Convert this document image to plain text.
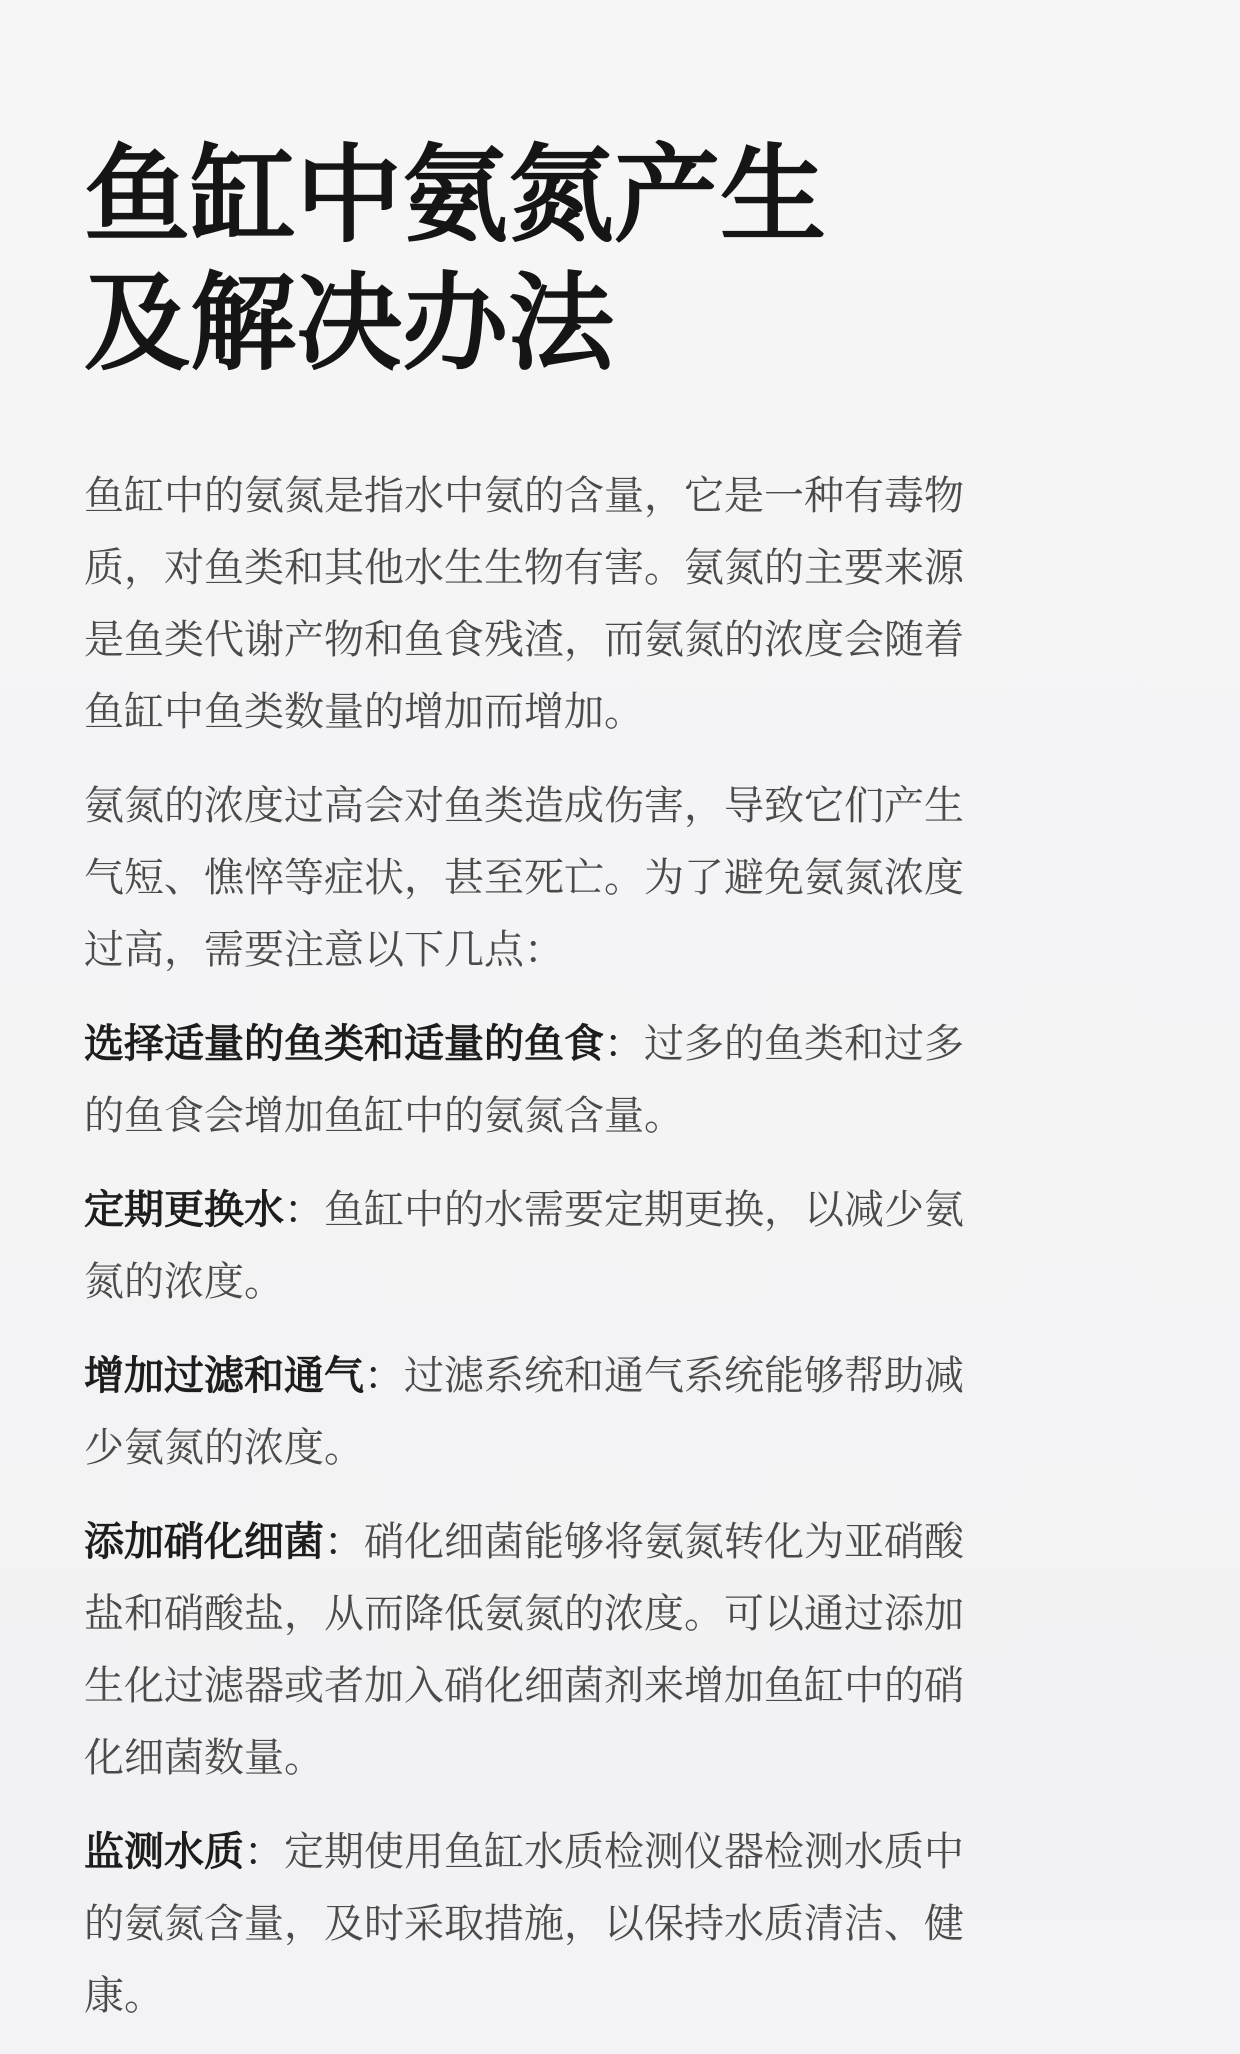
鱼缸中氨氮产生
及解决办法

鱼缸中的氨氮是指水中氨的含量，它是一种有毒物质，对鱼类和其他水生生物有害。氨氮的主要来源是鱼类代谢产物和鱼食残渣，而氨氮的浓度会随着鱼缸中鱼类数量的增加而增加。

氨氮的浓度过高会对鱼类造成伤害，导致它们产生气短、憔悴等症状，甚至死亡。为了避免氨氮浓度过高，需要注意以下几点：

选择适量的鱼类和适量的鱼食：过多的鱼类和过多的鱼食会增加鱼缸中的氨氮含量。

定期更换水：鱼缸中的水需要定期更换，以减少氨氮的浓度。

增加过滤和通气：过滤系统和通气系统能够帮助减少氨氮的浓度。

添加硝化细菌：硝化细菌能够将氨氮转化为亚硝酸盐和硝酸盐，从而降低氨氮的浓度。可以通过添加生化过滤器或者加入硝化细菌剂来增加鱼缸中的硝化细菌数量。

监测水质：定期使用鱼缸水质检测仪器检测水质中的氨氮含量，及时采取措施，以保持水质清洁、健康。
